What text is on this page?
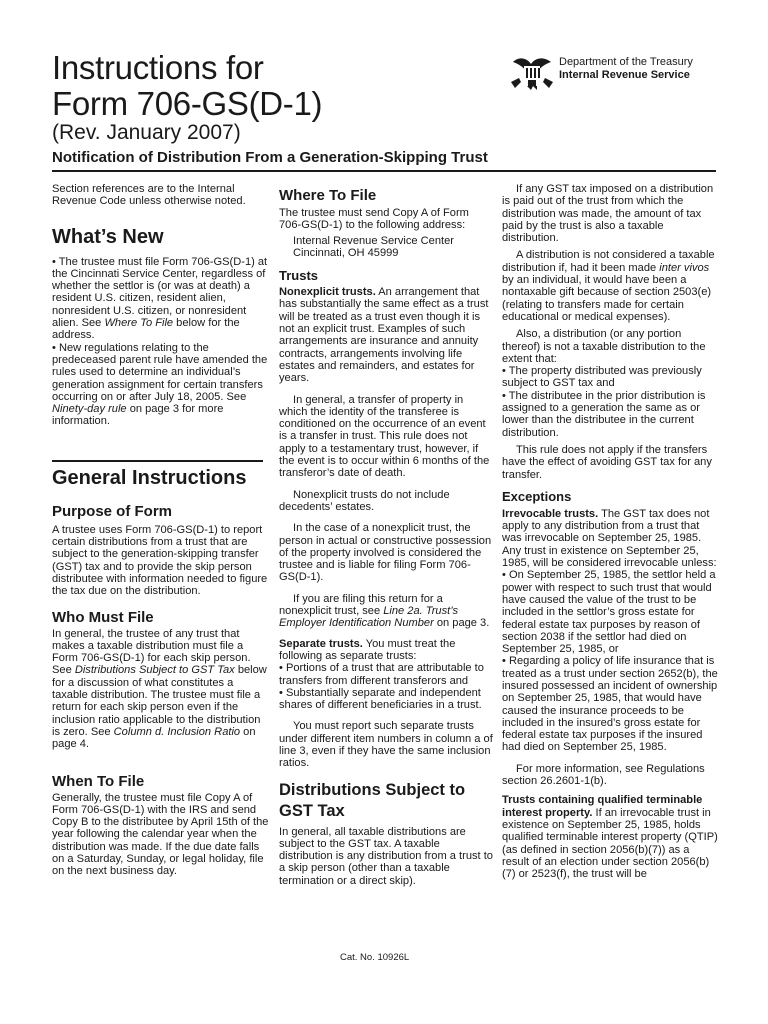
Instructions for
Form 706-GS(D-1)
(Rev. January 2007)
Notification of Distribution From a Generation-Skipping Trust
Department of the Treasury
Internal Revenue Service

Section references are to the Internal Revenue Code unless otherwise noted.

What’s New

• The trustee must file Form 706-GS(D-1) at the Cincinnati Service Center, regardless of whether the settlor is (or was at death) a resident U.S. citizen, resident alien, nonresident U.S. citizen, or nonresident alien. See Where To File below for the address.

• New regulations relating to the predeceased parent rule have amended the rules used to determine an individual’s generation assignment for certain transfers occurring on or after July 18, 2005. See Ninety-day rule on page 3 for more information.

General Instructions

Purpose of Form

A trustee uses Form 706-GS(D-1) to report certain distributions from a trust that are subject to the generation-skipping transfer (GST) tax and to provide the skip person distributee with information needed to figure the tax due on the distribution.

Who Must File

In general, the trustee of any trust that makes a taxable distribution must file a Form 706-GS(D-1) for each skip person. See Distributions Subject to GST Tax below for a discussion of what constitutes a taxable distribution. The trustee must file a return for each skip person even if the inclusion ratio applicable to the distribution is zero. See Column d. Inclusion Ratio on page 4.

When To File

Generally, the trustee must file Copy A of Form 706-GS(D-1) with the IRS and send Copy B to the distributee by April 15th of the year following the calendar year when the distribution was made. If the due date falls on a Saturday, Sunday, or legal holiday, file on the next business day.

Where To File

The trustee must send Copy A of Form 706-GS(D-1) to the following address:

Internal Revenue Service Center

Cincinnati, OH 45999

Trusts

Nonexplicit trusts. An arrangement that has substantially the same effect as a trust will be treated as a trust even though it is not an explicit trust. Examples of such arrangements are insurance and annuity contracts, arrangements involving life estates and remainders, and estates for years.

In general, a transfer of property in which the identity of the transferee is conditioned on the occurrence of an event is a transfer in trust. This rule does not apply to a testamentary trust, however, if the event is to occur within 6 months of the transferor’s date of death.

Nonexplicit trusts do not include decedents’ estates.

In the case of a nonexplicit trust, the person in actual or constructive possession of the property involved is considered the trustee and is liable for filing Form 706-GS(D-1).

If you are filing this return for a nonexplicit trust, see Line 2a. Trust’s Employer Identification Number on page 3.

Separate trusts. You must treat the following as separate trusts:

• Portions of a trust that are attributable to transfers from different transferors and

• Substantially separate and independent shares of different beneficiaries in a trust.

You must report such separate trusts under different item numbers in column a of line 3, even if they have the same inclusion ratios.

Distributions Subject to GST Tax

In general, all taxable distributions are subject to the GST tax. A taxable distribution is any distribution from a trust to a skip person (other than a taxable termination or a direct skip).

If any GST tax imposed on a distribution is paid out of the trust from which the distribution was made, the amount of tax paid by the trust is also a taxable distribution.

A distribution is not considered a taxable distribution if, had it been made inter vivos by an individual, it would have been a nontaxable gift because of section 2503(e) (relating to transfers made for certain educational or medical expenses).

Also, a distribution (or any portion thereof) is not a taxable distribution to the extent that:

• The property distributed was previously subject to GST tax and

• The distributee in the prior distribution is assigned to a generation the same as or lower than the distributee in the current distribution.

This rule does not apply if the transfers have the effect of avoiding GST tax for any transfer.

Exceptions

Irrevocable trusts. The GST tax does not apply to any distribution from a trust that was irrevocable on September 25, 1985. Any trust in existence on September 25, 1985, will be considered irrevocable unless:

• On September 25, 1985, the settlor held a power with respect to such trust that would have caused the value of the trust to be included in the settlor’s gross estate for federal estate tax purposes by reason of section 2038 if the settlor had died on September 25, 1985, or

• Regarding a policy of life insurance that is treated as a trust under section 2652(b), the insured possessed an incident of ownership on September 25, 1985, that would have caused the insurance proceeds to be included in the insured’s gross estate for federal estate tax purposes if the insured had died on September 25, 1985.

For more information, see Regulations section 26.2601-1(b).

Trusts containing qualified terminable interest property. If an irrevocable trust in existence on September 25, 1985, holds qualified terminable interest property (QTIP) (as defined in section 2056(b)(7)) as a result of an election under section 2056(b)(7) or 2523(f), the trust will be

Cat. No. 10926L
